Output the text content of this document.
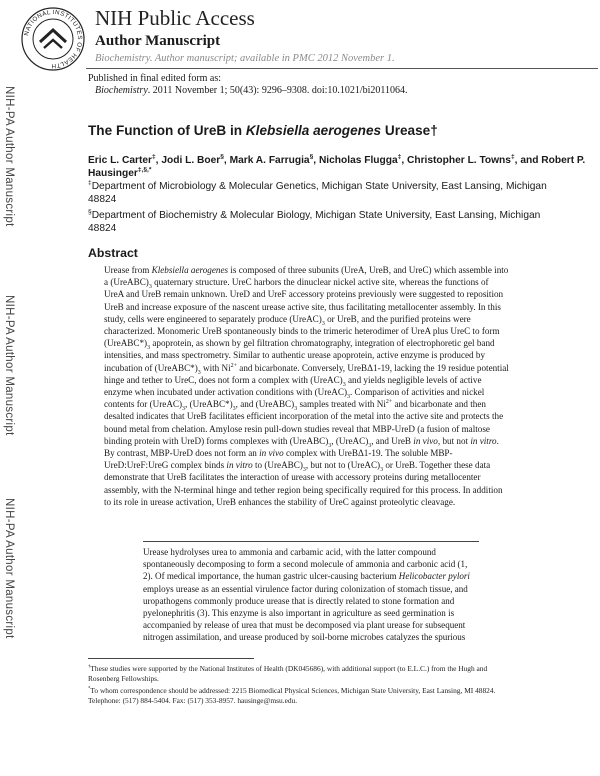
NATIONAL INSTITUTES OF HEALTH
NIH Public Access
Author Manuscript
Biochemistry. Author manuscript; available in PMC 2012 November 1.
Published in final edited form as:
Biochemistry. 2011 November 1; 50(43): 9296–9308. doi:10.1021/bi2011064.
NIH-PA Author Manuscript
NIH-PA Author Manuscript
NIH-PA Author Manuscript
The Function of UreB in Klebsiella aerogenes Urease†
Eric L. Carter‡, Jodi L. Boer§, Mark A. Farrugia§, Nicholas Flugga‡, Christopher L. Towns‡, and Robert P. Hausinger‡,§,*
‡Department of Microbiology & Molecular Genetics, Michigan State University, East Lansing, Michigan 48824
§Department of Biochemistry & Molecular Biology, Michigan State University, East Lansing, Michigan 48824
Abstract
Urease from Klebsiella aerogenes is composed of three subunits (UreA, UreB, and UreC) which assemble into a $(UreABC)_3$ quaternary structure. UreC harbors the dinuclear nickel active site, whereas the functions of UreA and UreB remain unknown. UreD and UreF accessory proteins previously were suggested to reposition UreB and increase exposure of the nascent urease active site, thus facilitating metallocenter assembly. In this study, cells were engineered to separately produce $(UreAC)_3$ or UreB, and the purified proteins were characterized. Monomeric UreB spontaneously binds to the trimeric heterodimer of UreA plus UreC to form $(UreABC*)_3$ apoprotein, as shown by gel filtration chromatography, integration of electrophoretic gel band intensities, and mass spectrometry. Similar to authentic urease apoprotein, active enzyme is produced by incubation of $(UreABC*)_3$ with $Ni^{2+}$ and bicarbonate. Conversely, UreBΔ1-19, lacking the 19 residue potential hinge and tether to UreC, does not form a complex with $(UreAC)_3$ and yields negligible levels of active enzyme when incubated under activation conditions with $(UreAC)_3$. Comparison of activities and nickel contents for $(UreAC)_3$, $(UreABC*)_3$, and $(UreABC)_3$ samples treated with $Ni^{2+}$ and bicarbonate and then desalted indicates that UreB facilitates efficient incorporation of the metal into the active site and protects the bound metal from chelation. Amylose resin pull-down studies reveal that MBP-UreD (a fusion of maltose binding protein with UreD) forms complexes with $(UreABC)_3$, $(UreAC)_3$, and UreB in vivo, but not in vitro. By contrast, MBP-UreD does not form an in vivo complex with UreBΔ1-19. The soluble MBP-UreD:UreF:UreG complex binds in vitro to $(UreABC)_3$, but not to $(UreAC)_3$ or UreB. Together these data demonstrate that UreB facilitates the interaction of urease with accessory proteins during metallocenter assembly, with the N-terminal hinge and tether region being specifically required for this process. In addition to its role in urease activation, UreB enhances the stability of UreC against proteolytic cleavage.
Urease hydrolyses urea to ammonia and carbamic acid, with the latter compound spontaneously decomposing to form a second molecule of ammonia and carbonic acid (1, 2). Of medical importance, the human gastric ulcer-causing bacterium Helicobacter pylori employs urease as an essential virulence factor during colonization of stomach tissue, and uropathogens commonly produce urease that is directly related to stone formation and pyelonephritis (3). This enzyme is also important in agriculture as seed germination is accompanied by release of urea that must be decomposed via plant urease for subsequent nitrogen assimilation, and urease produced by soil-borne microbes catalyzes the spurious
†These studies were supported by the National Institutes of Health (DK045686), with additional support (to E.L.C.) from the Hugh and Rosenberg Fellowships.
*To whom correspondence should be addressed: 2215 Biomedical Physical Sciences, Michigan State University, East Lansing, MI 48824. Telephone: (517) 884-5404. Fax: (517) 353-8957. hausinge@msu.edu.
